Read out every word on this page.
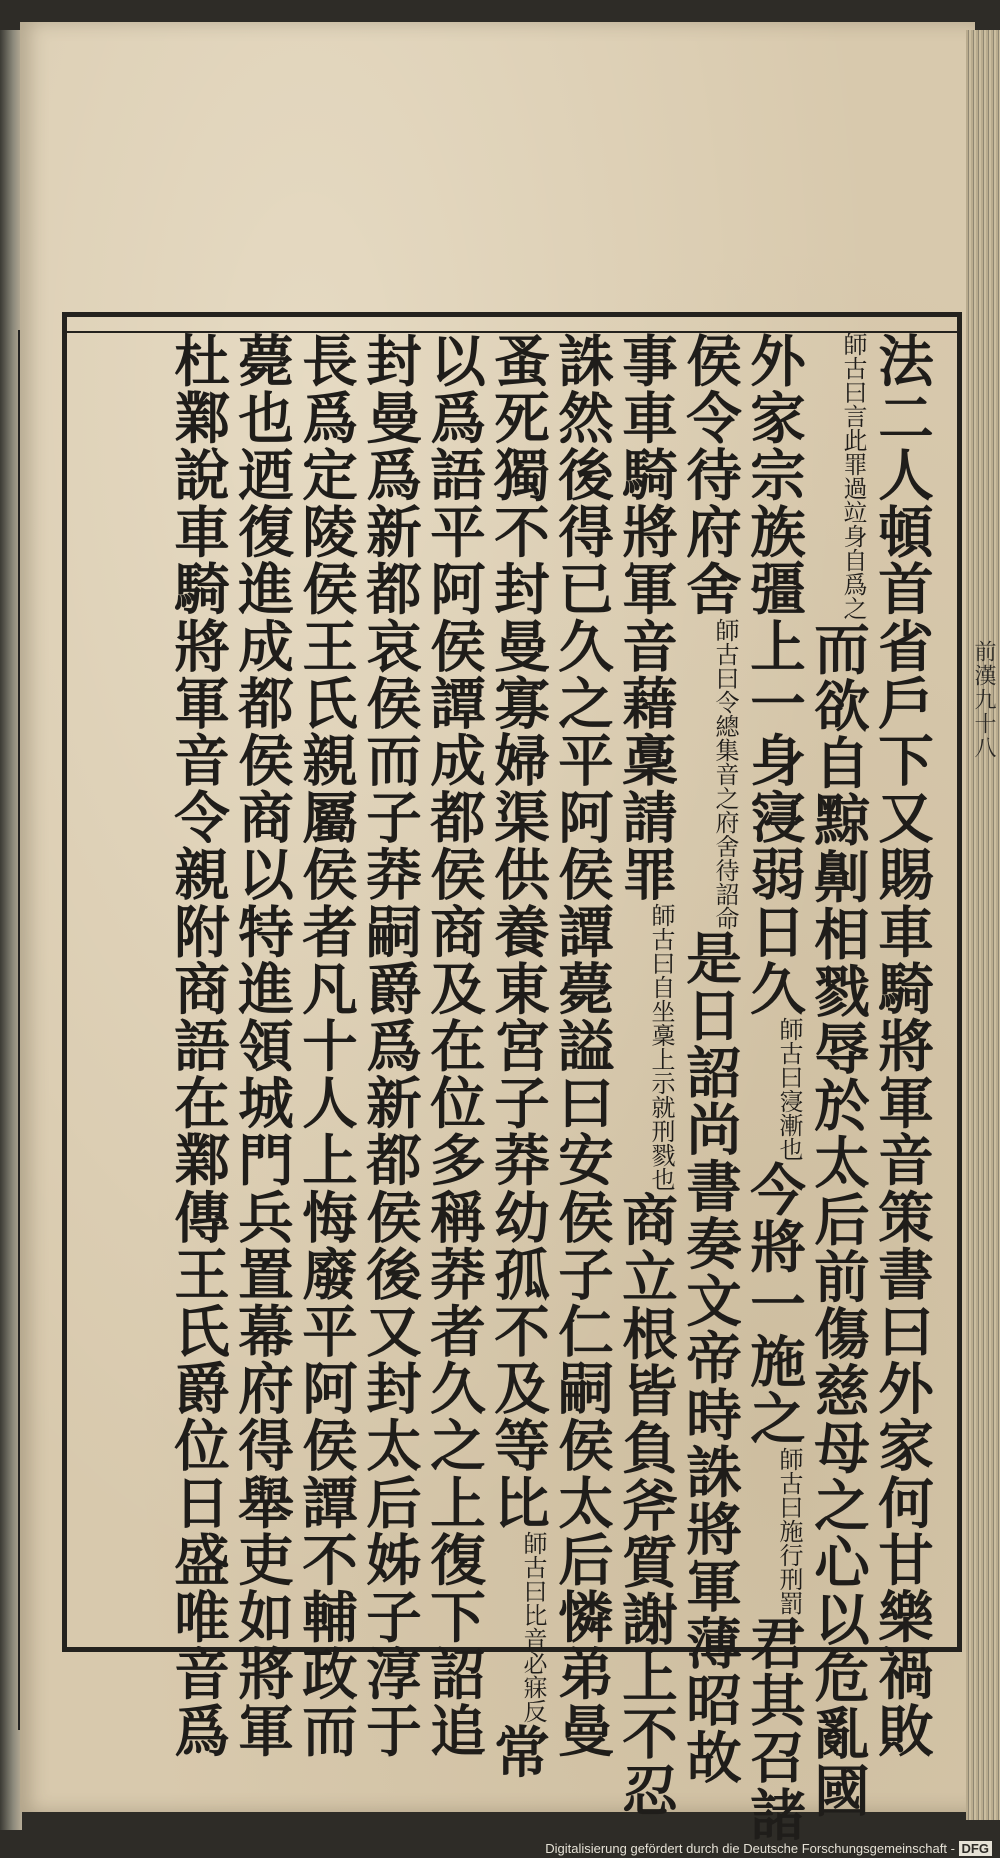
前漢九十八
法二人頓首省戶下又賜車騎將軍音策書曰外家何甘樂禍敗
師古曰言此罪過竝身自爲之而欲自黥劓相戮辱於太后前傷慈母之心以危亂國
外家宗族彊上一身寖弱日久師古曰寖漸也今將一施之師古曰施行刑罰君其召諸
侯令待府舍師古曰令總集音之府舍待詔命是日詔尚書奏文帝時誅將軍薄昭故
事車騎將軍音藉稾請罪師古曰自坐稾上示就刑戮也商立根皆負斧質謝上不忍
誅然後得已久之平阿侯譚薨謚曰安侯子仁嗣侯太后憐弟曼
蚤死獨不封曼寡婦渠供養東宮子莽幼孤不及等比師古曰比音必寐反常
以爲語平阿侯譚成都侯商及在位多稱莽者久之上復下詔追
封曼爲新都哀侯而子莽嗣爵爲新都侯後又封太后姊子淳于
長爲定陵侯王氏親屬侯者凡十人上悔廢平阿侯譚不輔政而
薨也迺復進成都侯商以特進領城門兵置幕府得舉吏如將軍
杜鄴說車騎將軍音令親附商語在鄴傳王氏爵位日盛唯音爲
Digitalisierung gefördert durch die Deutsche Forschungsgemeinschaft - DFG
